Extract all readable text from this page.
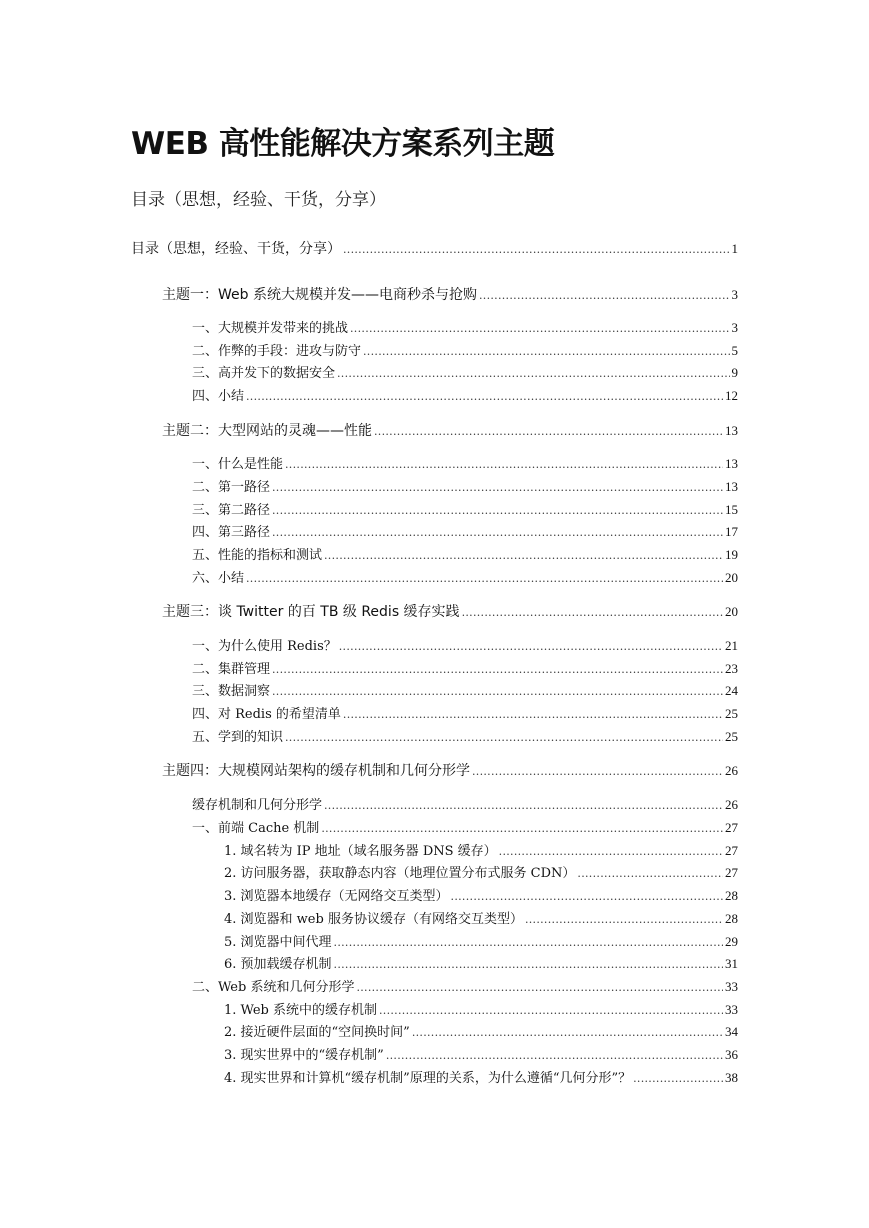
WEB 高性能解决方案系列主题
目录（思想，经验、干货，分享）
目录（思想，经验、干货，分享） .....	1
主题一：Web 系统大规模并发——电商秒杀与抢购 .....	3
一、大规模并发带来的挑战 .....	3
二、作弊的手段：进攻与防守 .....	5
三、高并发下的数据安全 .....	9
四、小结 .....	12
主题二：大型网站的灵魂——性能 .....	13
一、什么是性能 .....	13
二、第一路径 .....	13
三、第二路径 .....	15
四、第三路径 .....	17
五、性能的指标和测试 .....	19
六、小结 .....	20
主题三：谈 Twitter 的百 TB 级 Redis 缓存实践 .....	20
一、为什么使用 Redis？ .....	21
二、集群管理 .....	23
三、数据洞察 .....	24
四、对 Redis 的希望清单 .....	25
五、学到的知识 .....	25
主题四：大规模网站架构的缓存机制和几何分形学 .....	26
缓存机制和几何分形学 .....	26
一、前端 Cache 机制 .....	27
1. 域名转为 IP 地址（域名服务器 DNS 缓存） .....	27
2. 访问服务器，获取静态内容（地理位置分布式服务 CDN） .....	27
3. 浏览器本地缓存（无网络交互类型） .....	28
4. 浏览器和 web 服务协议缓存（有网络交互类型） .....	28
5. 浏览器中间代理 .....	29
6. 预加载缓存机制 .....	31
二、Web 系统和几何分形学 .....	33
1. Web 系统中的缓存机制 .....	33
2. 接近硬件层面的“空间换时间” .....	34
3. 现实世界中的“缓存机制” .....	36
4. 现实世界和计算机“缓存机制”原理的关系，为什么遵循“几何分形”？ .....	38
